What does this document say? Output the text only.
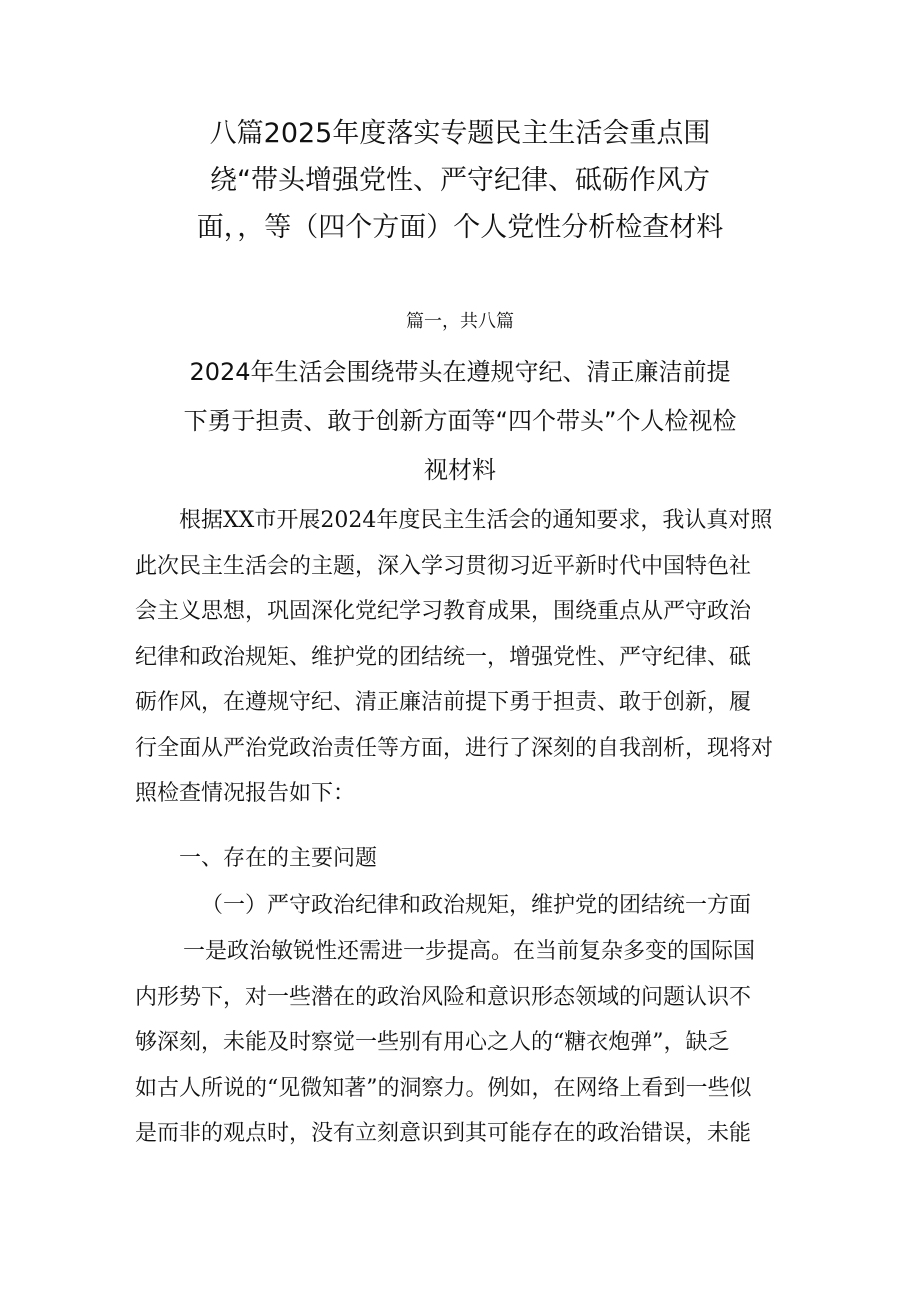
八篇2025年度落实专题民主生活会重点围
绕“带头增强党性、严守纪律、砥砺作风方
面，，等（四个方面）个人党性分析检查材料
篇一，共八篇
2024年生活会围绕带头在遵规守纪、清正廉洁前提
下勇于担责、敢于创新方面等“四个带头”个人检视检
视材料
根据XX市开展2024年度民主生活会的通知要求，我认真对照
此次民主生活会的主题，深入学习贯彻习近平新时代中国特色社
会主义思想，巩固深化党纪学习教育成果，围绕重点从严守政治
纪律和政治规矩、维护党的团结统一，增强党性、严守纪律、砥
砺作风，在遵规守纪、清正廉洁前提下勇于担责、敢于创新，履
行全面从严治党政治责任等方面，进行了深刻的自我剖析，现将对
照检查情况报告如下：
一、存在的主要问题
（一）严守政治纪律和政治规矩，维护党的团结统一方面
一是政治敏锐性还需进一步提高。在当前复杂多变的国际国
内形势下，对一些潜在的政治风险和意识形态领域的问题认识不
够深刻，未能及时察觉一些别有用心之人的“糖衣炮弹”，缺乏
如古人所说的“见微知著”的洞察力。例如，在网络上看到一些似
是而非的观点时，没有立刻意识到其可能存在的政治错误，未能
